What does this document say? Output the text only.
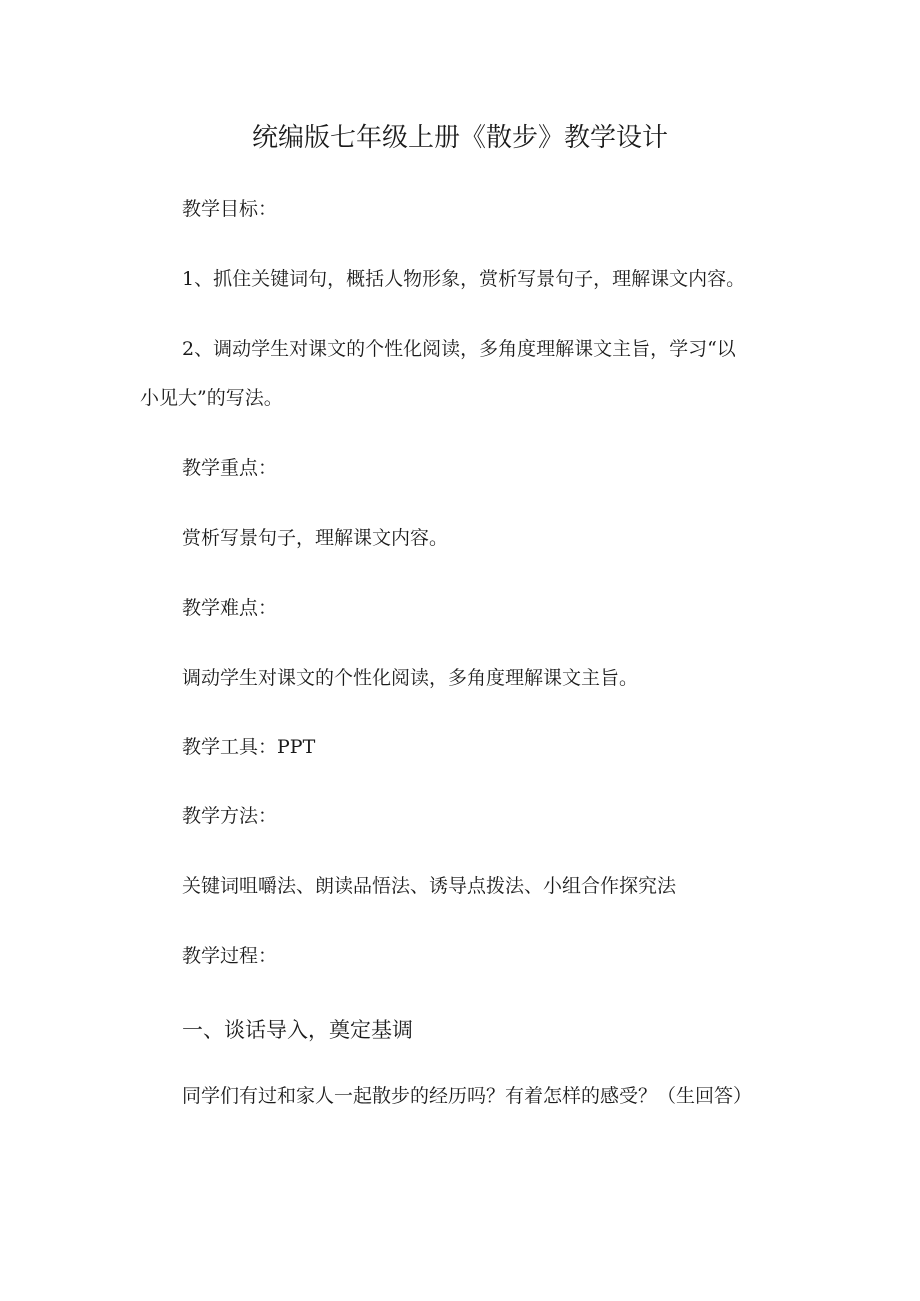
统编版七年级上册《散步》教学设计
教学目标：
1、抓住关键词句，概括人物形象，赏析写景句子，理解课文内容。
2、调动学生对课文的个性化阅读，多角度理解课文主旨，学习“以
小见大”的写法。
教学重点：
赏析写景句子，理解课文内容。
教学难点：
调动学生对课文的个性化阅读，多角度理解课文主旨。
教学工具：PPT
教学方法：
关键词咀嚼法、朗读品悟法、诱导点拨法、小组合作探究法
教学过程：
一、谈话导入，奠定基调
同学们有过和家人一起散步的经历吗？有着怎样的感受？（生回答）
